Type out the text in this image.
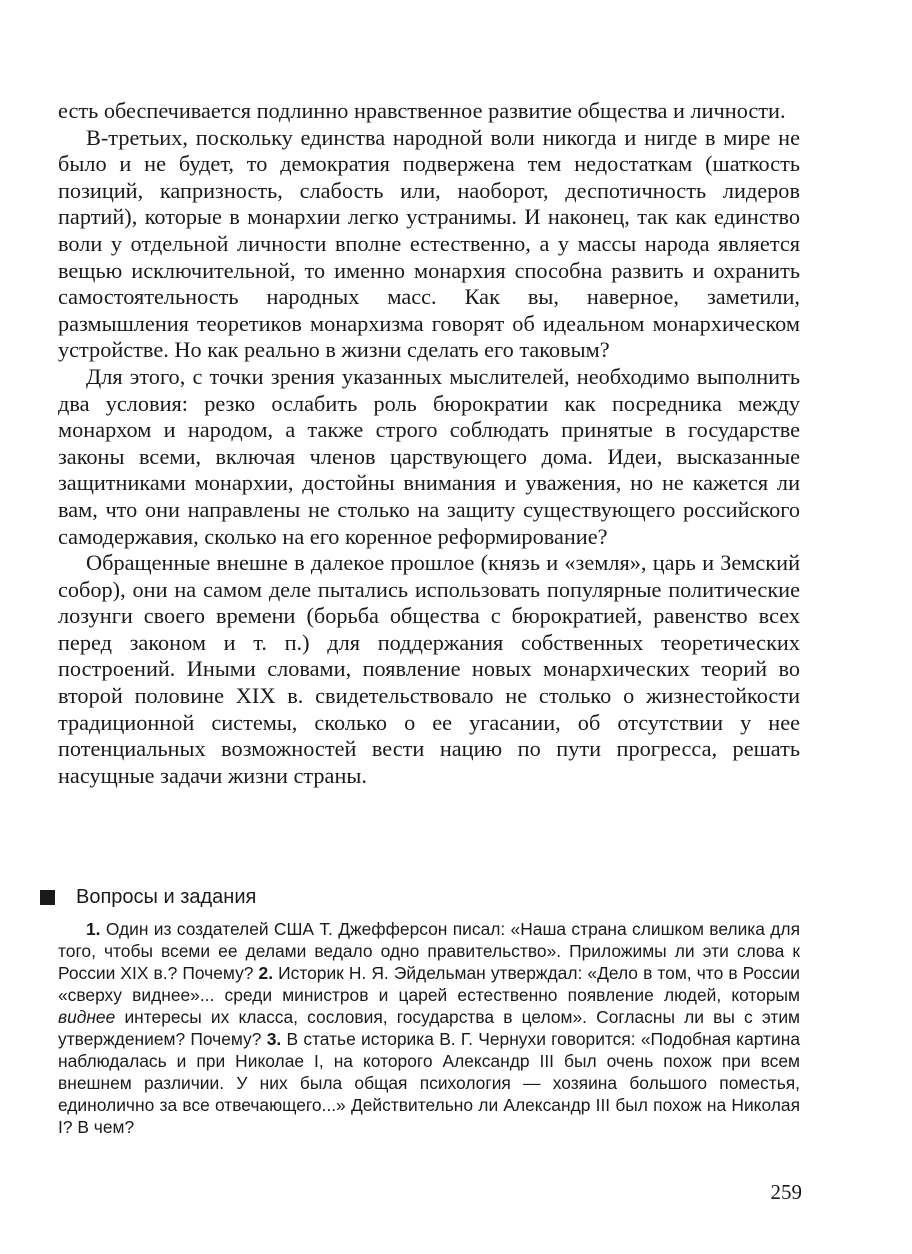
есть обеспечивается подлинно нравственное развитие общества и личности.

В-третьих, поскольку единства народной воли никогда и нигде в мире не было и не будет, то демократия подвержена тем недостаткам (шаткость позиций, капризность, слабость или, наоборот, деспотичность лидеров партий), которые в монархии легко устранимы. И наконец, так как единство воли у отдельной личности вполне естественно, а у массы народа является вещью исключительной, то именно монархия способна развить и охранить самостоятельность народных масс. Как вы, наверное, заметили, размышления теоретиков монархизма говорят об идеальном монархическом устройстве. Но как реально в жизни сделать его таковым?

Для этого, с точки зрения указанных мыслителей, необходимо выполнить два условия: резко ослабить роль бюрократии как посредника между монархом и народом, а также строго соблюдать принятые в государстве законы всеми, включая членов царствующего дома. Идеи, высказанные защитниками монархии, достойны внимания и уважения, но не кажется ли вам, что они направлены не столько на защиту существующего российского самодержавия, сколько на его коренное реформирование?

Обращенные внешне в далекое прошлое (князь и «земля», царь и Земский собор), они на самом деле пытались использовать популярные политические лозунги своего времени (борьба общества с бюрократией, равенство всех перед законом и т. п.) для поддержания собственных теоретических построений. Иными словами, появление новых монархических теорий во второй половине XIX в. свидетельствовало не столько о жизнестойкости традиционной системы, сколько о ее угасании, об отсутствии у нее потенциальных возможностей вести нацию по пути прогресса, решать насущные задачи жизни страны.

Вопросы и задания

1. Один из создателей США Т. Джефферсон писал: «Наша страна слишком велика для того, чтобы всеми ее делами ведало одно правительство». Приложимы ли эти слова к России XIX в.? Почему? 2. Историк Н. Я. Эйдельман утверждал: «Дело в том, что в России «сверху виднее»... среди министров и царей естественно появление людей, которым виднее интересы их класса, сословия, государства в целом». Согласны ли вы с этим утверждением? Почему? 3. В статье историка В. Г. Чернухи говорится: «Подобная картина наблюдалась и при Николае I, на которого Александр III был очень похож при всем внешнем различии. У них была общая психология — хозяина большого поместья, единолично за все отвечающего...» Действительно ли Александр III был похож на Николая I? В чем?

259
